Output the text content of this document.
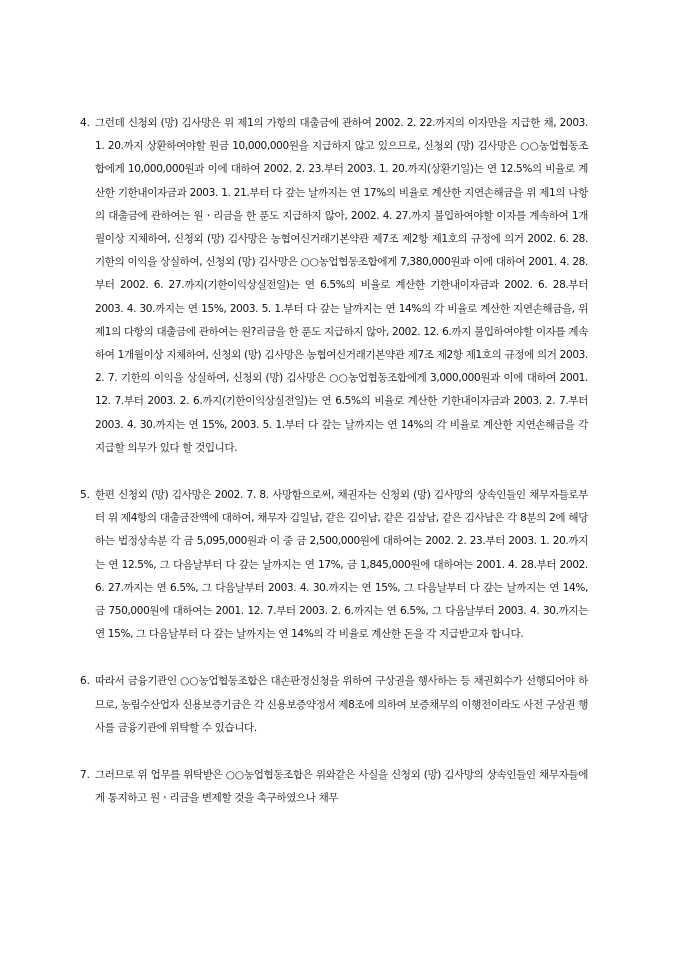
4. 그런데 신청외 (망) 김사망은 위 제1의 가항의 대출금에 관하여 2002. 2. 22.까지의 이자만을 지급한 채, 2003. 1. 20.까지 상환하여야할 원금 10,000,000원을 지급하지 않고 있으므로, 신청외 (망) 김사망은 ○○농업협동조합에게 10,000,000원과 이에 대하여 2002. 2. 23.부터 2003. 1. 20.까지(상환기일)는 연 12.5%의 비율로 계산한 기한내이자금과 2003. 1. 21.부터 다 갚는 날까지는 연 17%의 비율로 계산한 지연손해금을 위 제1의 나항의 대출금에 관하여는 원ㆍ리금을 한 푼도 지급하지 않아, 2002. 4. 27.까지 불입하여야할 이자를 계속하여 1개월이상 지체하여, 신청외 (망) 김사망은 농협여신거래기본약관 제7조 제2항 제1호의 규정에 의거 2002. 6. 28. 기한의 이익을 상실하여, 신청외 (망) 김사망은 ○○농업협동조합에게 7,380,000원과 이에 대하여 2001. 4. 28.부터 2002. 6. 27.까지(기한이익상실전일)는 연 6.5%의 비율로 계산한 기한내이자금과 2002. 6. 28.부터 2003. 4. 30.까지는 연 15%, 2003. 5. 1.부터 다 갚는 날까지는 연 14%의 각 비율로 계산한 지연손해금을, 위 제1의 다항의 대출금에 관하여는 원?리금을 한 푼도 지급하지 않아, 2002. 12. 6.까지 불입하여야할 이자를 계속하여 1개월이상 지체하여, 신청외 (망) 김사망은 농협여신거래기본약관 제7조 제2항 제1호의 규정에 의거 2003. 2. 7. 기한의 이익을 상실하여, 신청외 (망) 김사망은 ○○농업협동조합에게 3,000,000원과 이에 대하여 2001. 12. 7.부터 2003. 2. 6.까지(기한이익상실전일)는 연 6.5%의 비율로 계산한 기한내이자금과 2003. 2. 7.부터 2003. 4. 30.까지는 연 15%, 2003. 5. 1.부터 다 갚는 날까지는 연 14%의 각 비율로 계산한 지연손해금을 각 지급할 의무가 있다 할 것입니다.
5. 한편 신청외 (망) 김사망은 2002. 7. 8. 사망함으로써, 채권자는 신청외 (망) 김사망의 상속인들인 채무자들로부터 위 제4항의 대출금잔액에 대하여, 채무자 김일남, 같은 김이남, 같은 김삼남, 같은 김사남은 각 8분의 2에 해당하는 법정상속분 각 금 5,095,000원과 이 중 금 2,500,000원에 대하여는 2002. 2. 23.부터 2003. 1. 20.까지는 연 12.5%, 그 다음날부터 다 갚는 날까지는 연 17%, 금 1,845,000원에 대하여는 2001. 4. 28.부터 2002. 6. 27.까지는 연 6.5%, 그 다음날부터 2003. 4. 30.까지는 연 15%, 그 다음날부터 다 갚는 날까지는 연 14%, 금 750,000원에 대하여는 2001. 12. 7.부터 2003. 2. 6.까지는 연 6.5%, 그 다음날부터 2003. 4. 30.까지는 연 15%, 그 다음날부터 다 갚는 날까지는 연 14%의 각 비율로 계산한 돈을 각 지급받고자 합니다.
6. 따라서 금융기관인 ○○농업협동조합은 대손판정신청을 위하여 구상권을 행사하는 등 채권회수가 선행되어야 하므로, 농림수산업자 신용보증기금은 각 신용보증약정서 제8조에 의하여 보증채무의 이행전이라도 사전 구상권 행사를 금융기관에 위탁할 수 있습니다.
7. 그러므로 위 업무를 위탁받은 ○○농업협동조합은 위와같은 사실을 신청외 (망) 김사망의 상속인들인 채무자들에게 통지하고 원ㆍ리금을 변제할 것을 촉구하였으나 채무
